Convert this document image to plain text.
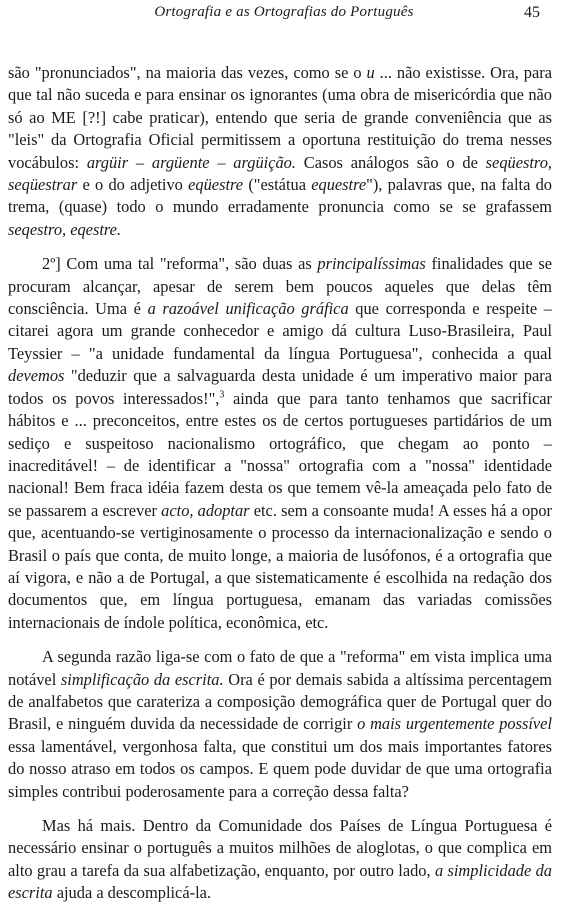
Ortografia e as Ortografias do Português	45

são "pronunciados", na maioria das vezes, como se o u ... não existisse. Ora, para que tal não suceda e para ensinar os ignorantes (uma obra de misericórdia que não só ao ME [?!] cabe praticar), entendo que seria de grande conveniência que as "leis" da Ortografia Oficial permitissem a oportuna restituição do trema nesses vocábulos: argüir – argüente – argüição. Casos análogos são o de seqüestro, seqüestrar e o do adjetivo eqüestre ("estátua equestre"), palavras que, na falta do trema, (quase) todo o mundo erradamente pronuncia como se se grafassem seqestro, eqestre.

2º] Com uma tal "reforma", são duas as principalíssimas finalidades que se procuram alcançar, apesar de serem bem poucos aqueles que delas têm consciência. Uma é a razoável unificação gráfica que corresponda e respeite – citarei agora um grande conhecedor e amigo dá cultura Luso-Brasileira, Paul Teyssier – "a unidade fundamental da língua Portuguesa", conhecida a qual devemos "deduzir que a salvaguarda desta unidade é um imperativo maior para todos os povos interessados!",$^3$ ainda que para tanto tenhamos que sacrificar hábitos e ... preconceitos, entre estes os de certos portugueses partidários de um sediço e suspeitoso nacionalismo ortográfico, que chegam ao ponto – inacreditável! – de identificar a "nossa" ortografia com a "nossa" identidade nacional! Bem fraca idéia fazem desta os que temem vê-la ameaçada pelo fato de se passarem a escrever acto, adoptar etc. sem a consoante muda! A esses há a opor que, acentuando-se vertiginosamente o processo da internacionalização e sendo o Brasil o país que conta, de muito longe, a maioria de lusófonos, é a ortografia que aí vigora, e não a de Portugal, a que sistematicamente é escolhida na redação dos documentos que, em língua portuguesa, emanam das variadas comissões internacionais de índole política, econômica, etc.

A segunda razão liga-se com o fato de que a "reforma" em vista implica uma notável simplificação da escrita. Ora é por demais sabida a altíssima percentagem de analfabetos que carateriza a composição demográfica quer de Portugal quer do Brasil, e ninguém duvida da necessidade de corrigir o mais urgentemente possível essa lamentável, vergonhosa falta, que constitui um dos mais importantes fatores do nosso atraso em todos os campos. E quem pode duvidar de que uma ortografia simples contribui poderosamente para a correção dessa falta?

Mas há mais. Dentro da Comunidade dos Países de Língua Portuguesa é necessário ensinar o português a muitos milhões de aloglotas, o que complica em alto grau a tarefa da sua alfabetização, enquanto, por outro lado, a simplicidade da escrita ajuda a descomplicá-la.
